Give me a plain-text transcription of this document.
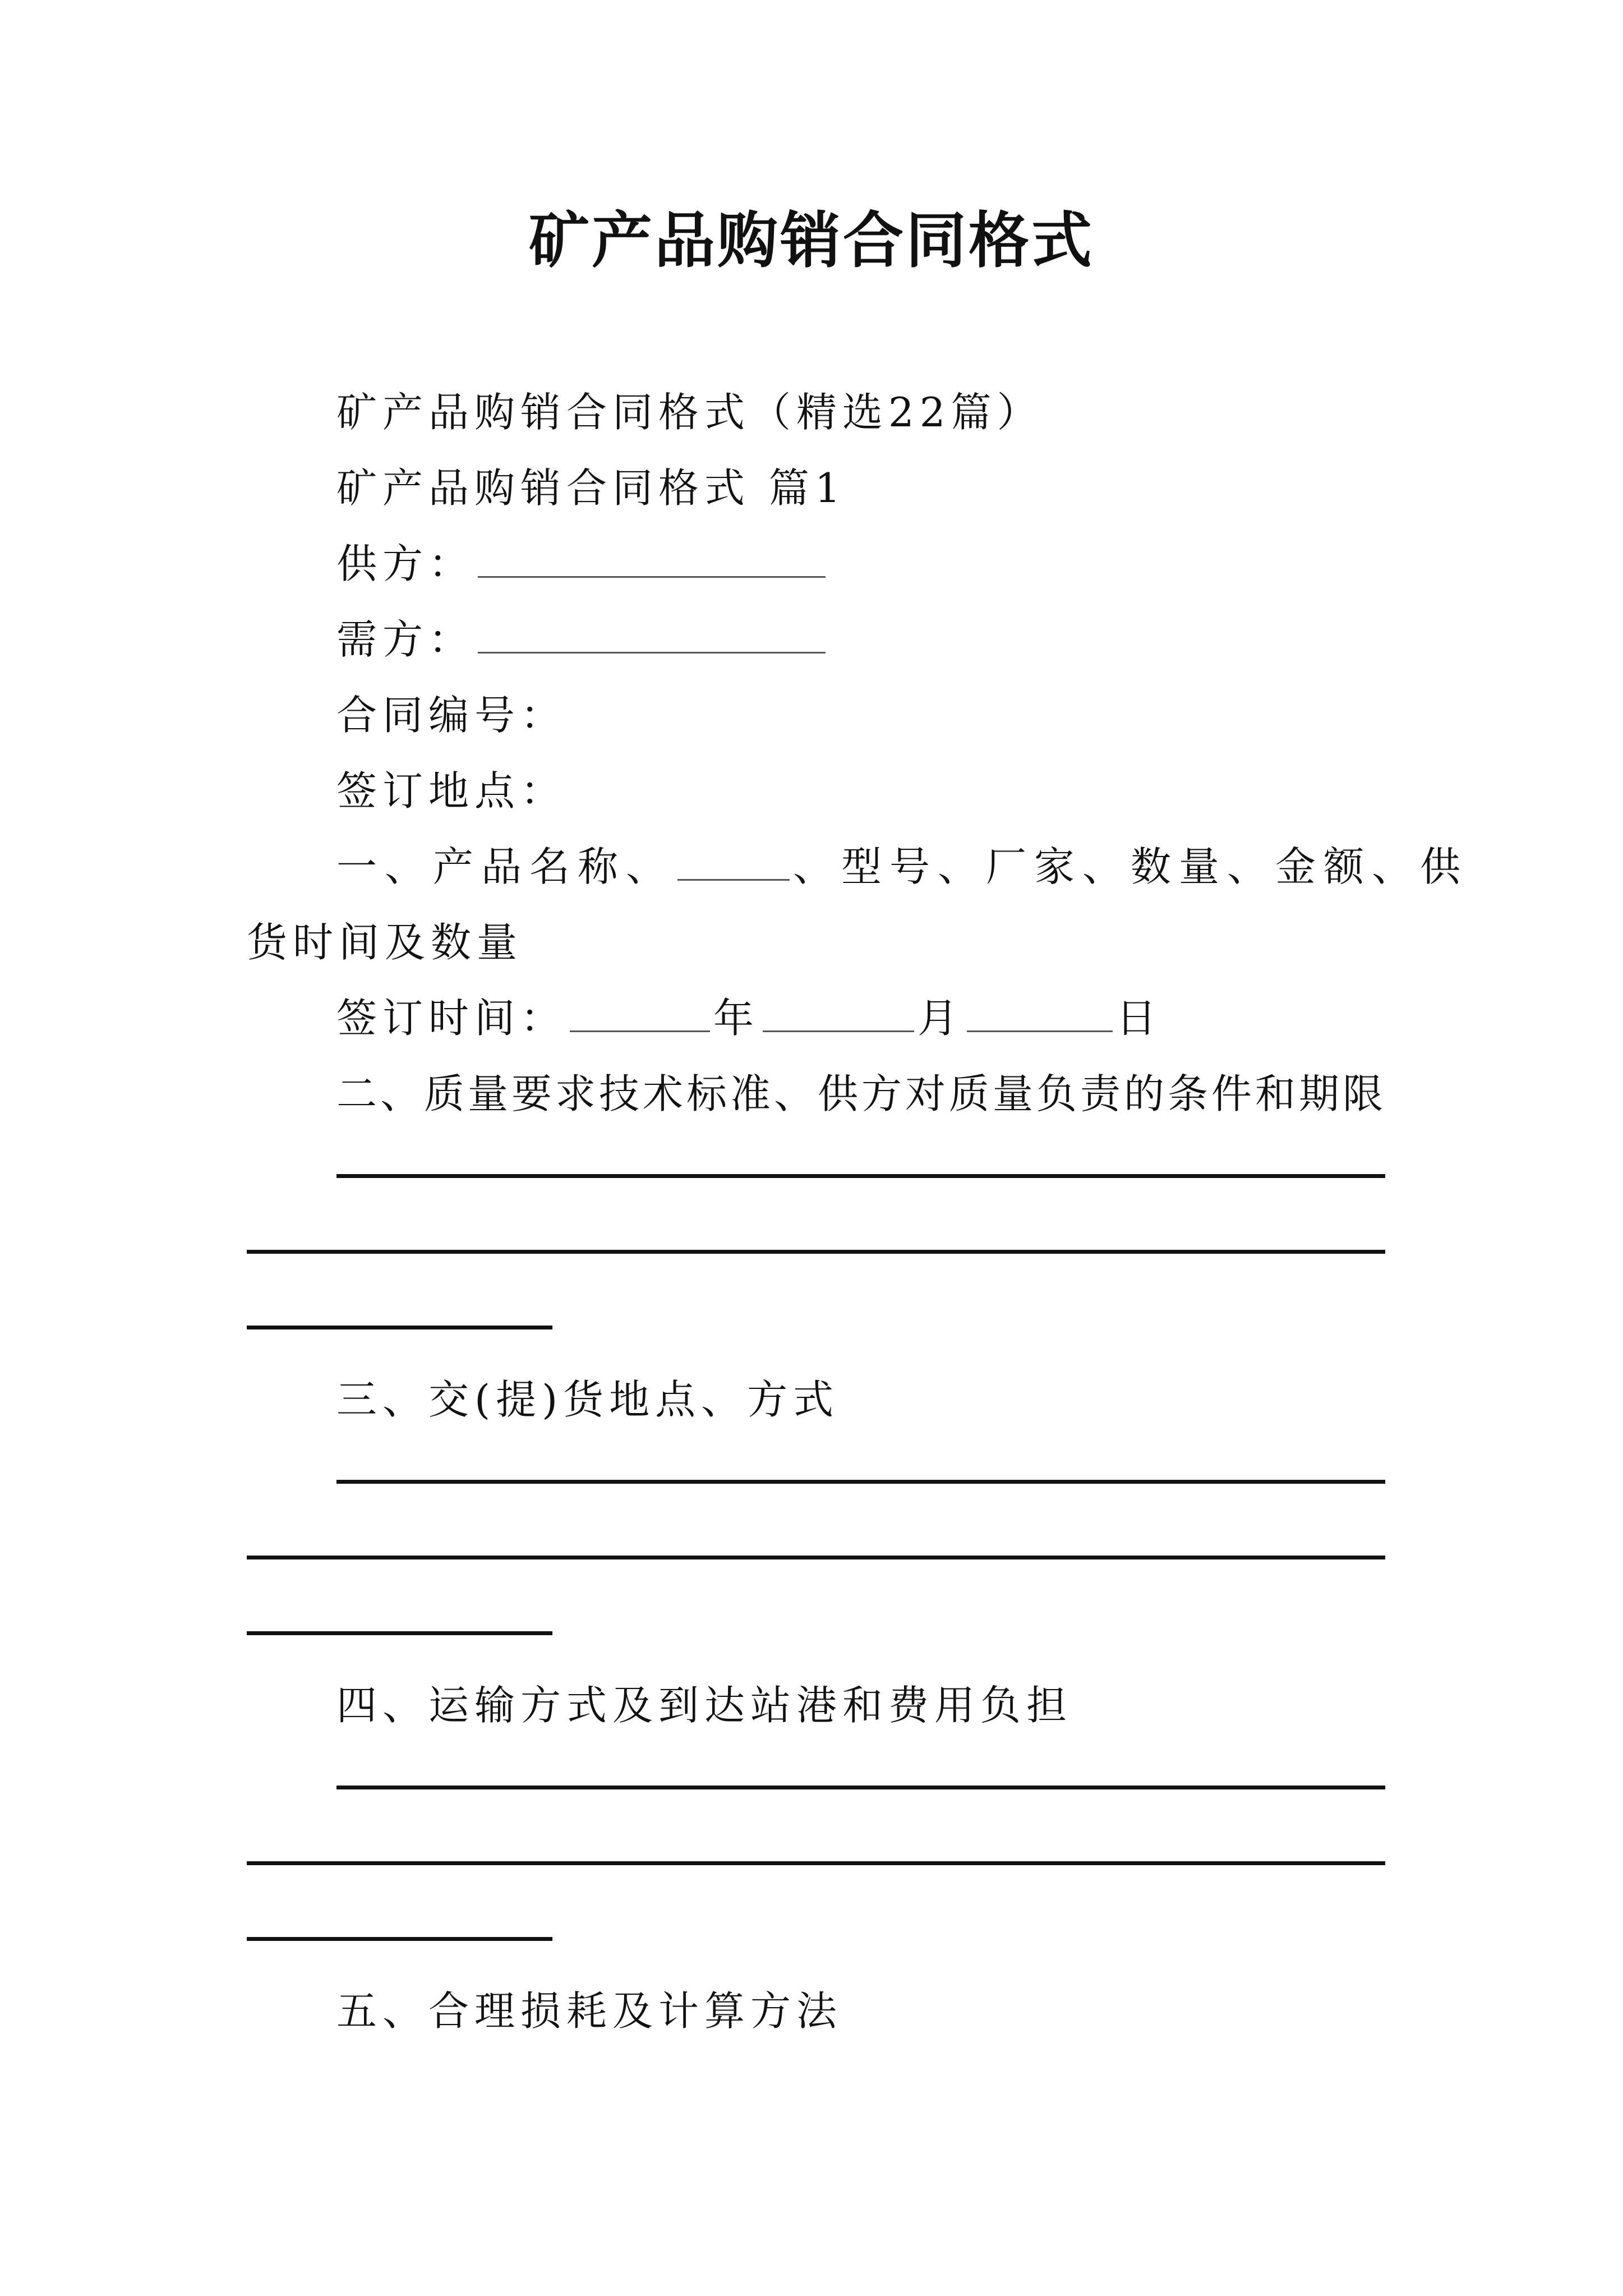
矿产品购销合同格式
矿产品购销合同格式（精选22篇）
矿产品购销合同格式 篇1
供方：
需方：
合同编号：
签订地点：
一、产品名称、	、型号、厂家、数量、金额、供
货时间及数量
签订时间：	年	月	日
二、质量要求技术标准、供方对质量负责的条件和期限
三、交(提)货地点、方式
四、运输方式及到达站港和费用负担
五、合理损耗及计算方法
